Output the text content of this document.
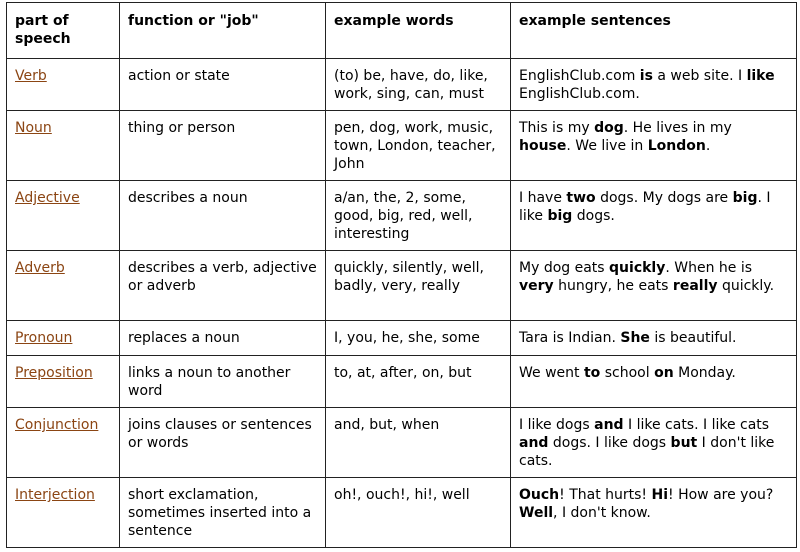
part of speech	function or "job"	example words	example sentences
Verb	action or state	(to) be, have, do, like, work, sing, can, must	EnglishClub.com is a web site. I like EnglishClub.com.
Noun	thing or person	pen, dog, work, music, town, London, teacher, John	This is my dog. He lives in my house. We live in London.
Adjective	describes a noun	a/an, the, 2, some, good, big, red, well, interesting	I have two dogs. My dogs are big. I like big dogs.
Adverb	describes a verb, adjective or adverb	quickly, silently, well, badly, very, really	My dog eats quickly. When he is very hungry, he eats really quickly.
Pronoun	replaces a noun	I, you, he, she, some	Tara is Indian. She is beautiful.
Preposition	links a noun to another word	to, at, after, on, but	We went to school on Monday.
Conjunction	joins clauses or sentences or words	and, but, when	I like dogs and I like cats. I like cats and dogs. I like dogs but I don't like cats.
Interjection	short exclamation, sometimes inserted into a sentence	oh!, ouch!, hi!, well	Ouch! That hurts! Hi! How are you? Well, I don't know.
